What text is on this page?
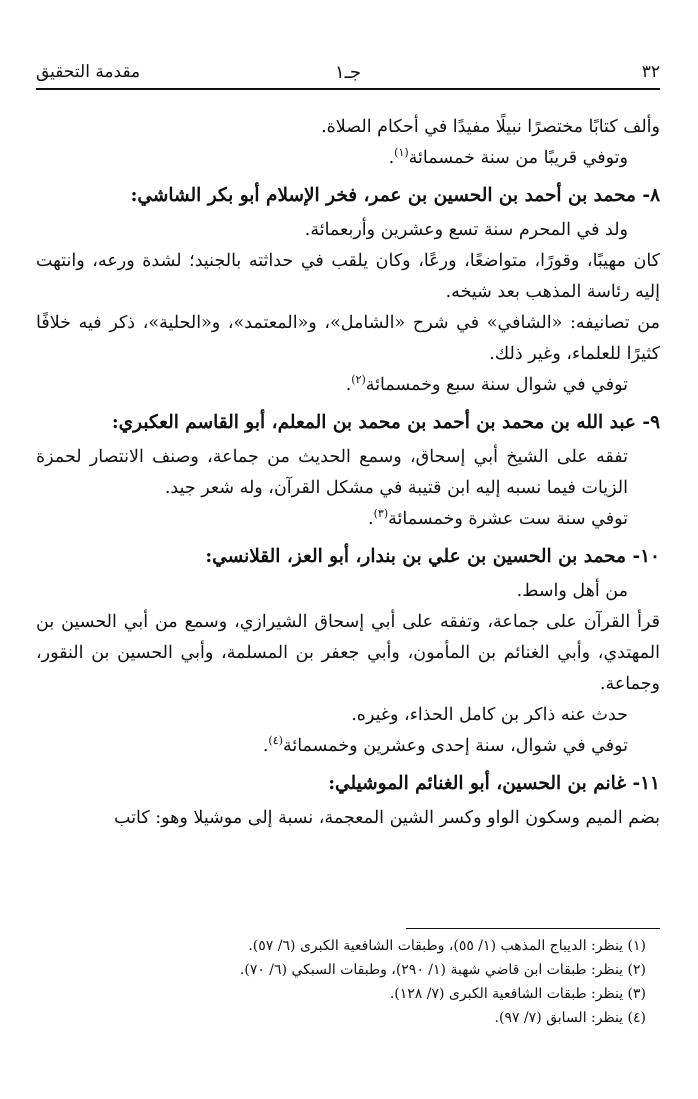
٣٢
جـ١
مقدمة التحقيق

وألف كتابًا مختصرًا نبيلًا مفيدًا في أحكام الصلاة.

وتوفي قريبًا من سنة خمسمائة$^{(١)}$.

٨- محمد بن أحمد بن الحسين بن عمر، فخر الإسلام أبو بكر الشاشي:

ولد في المحرم سنة تسع وعشرين وأربعمائة.

كان مهيبًا، وقورًا، متواضعًا، ورعًا، وكان يلقب في حداثته بالجنيد؛ لشدة ورعه، وانتهت إليه رئاسة المذهب بعد شيخه.

من تصانيفه: «الشافي» في شرح «الشامل»، و«المعتمد»، و«الحلية»، ذكر فيه خلافًا كثيرًا للعلماء، وغير ذلك.

توفي في شوال سنة سبع وخمسمائة$^{(٢)}$.

٩- عبد الله بن محمد بن أحمد بن محمد بن المعلم، أبو القاسم العكبري:

تفقه على الشيخ أبي إسحاق، وسمع الحديث من جماعة، وصنف الانتصار لحمزة الزيات فيما نسبه إليه ابن قتيبة في مشكل القرآن، وله شعر جيد.

توفي سنة ست عشرة وخمسمائة$^{(٣)}$.

١٠- محمد بن الحسين بن علي بن بندار، أبو العز، القلانسي:

من أهل واسط.

قرأ القرآن على جماعة، وتفقه على أبي إسحاق الشيرازي، وسمع من أبي الحسين بن المهتدي، وأبي الغنائم بن المأمون، وأبي جعفر بن المسلمة، وأبي الحسين بن النقور، وجماعة.

حدث عنه ذاكر بن كامل الحذاء، وغيره.

توفي في شوال، سنة إحدى وعشرين وخمسمائة$^{(٤)}$.

١١- غانم بن الحسين، أبو الغنائم الموشيلي:

بضم الميم وسكون الواو وكسر الشين المعجمة، نسبة إلى موشيلا وهو: كاتب

(١) ينظر: الديباج المذهب (١/ ٥٥)، وطبقات الشافعية الكبرى (٦/ ٥٧).

(٢) ينظر: طبقات ابن قاضي شهبة (١/ ٢٩٠)، وطبقات السبكي (٦/ ٧٠).

(٣) ينظر: طبقات الشافعية الكبرى (٧/ ١٢٨).

(٤) ينظر: السابق (٧/ ٩٧).
